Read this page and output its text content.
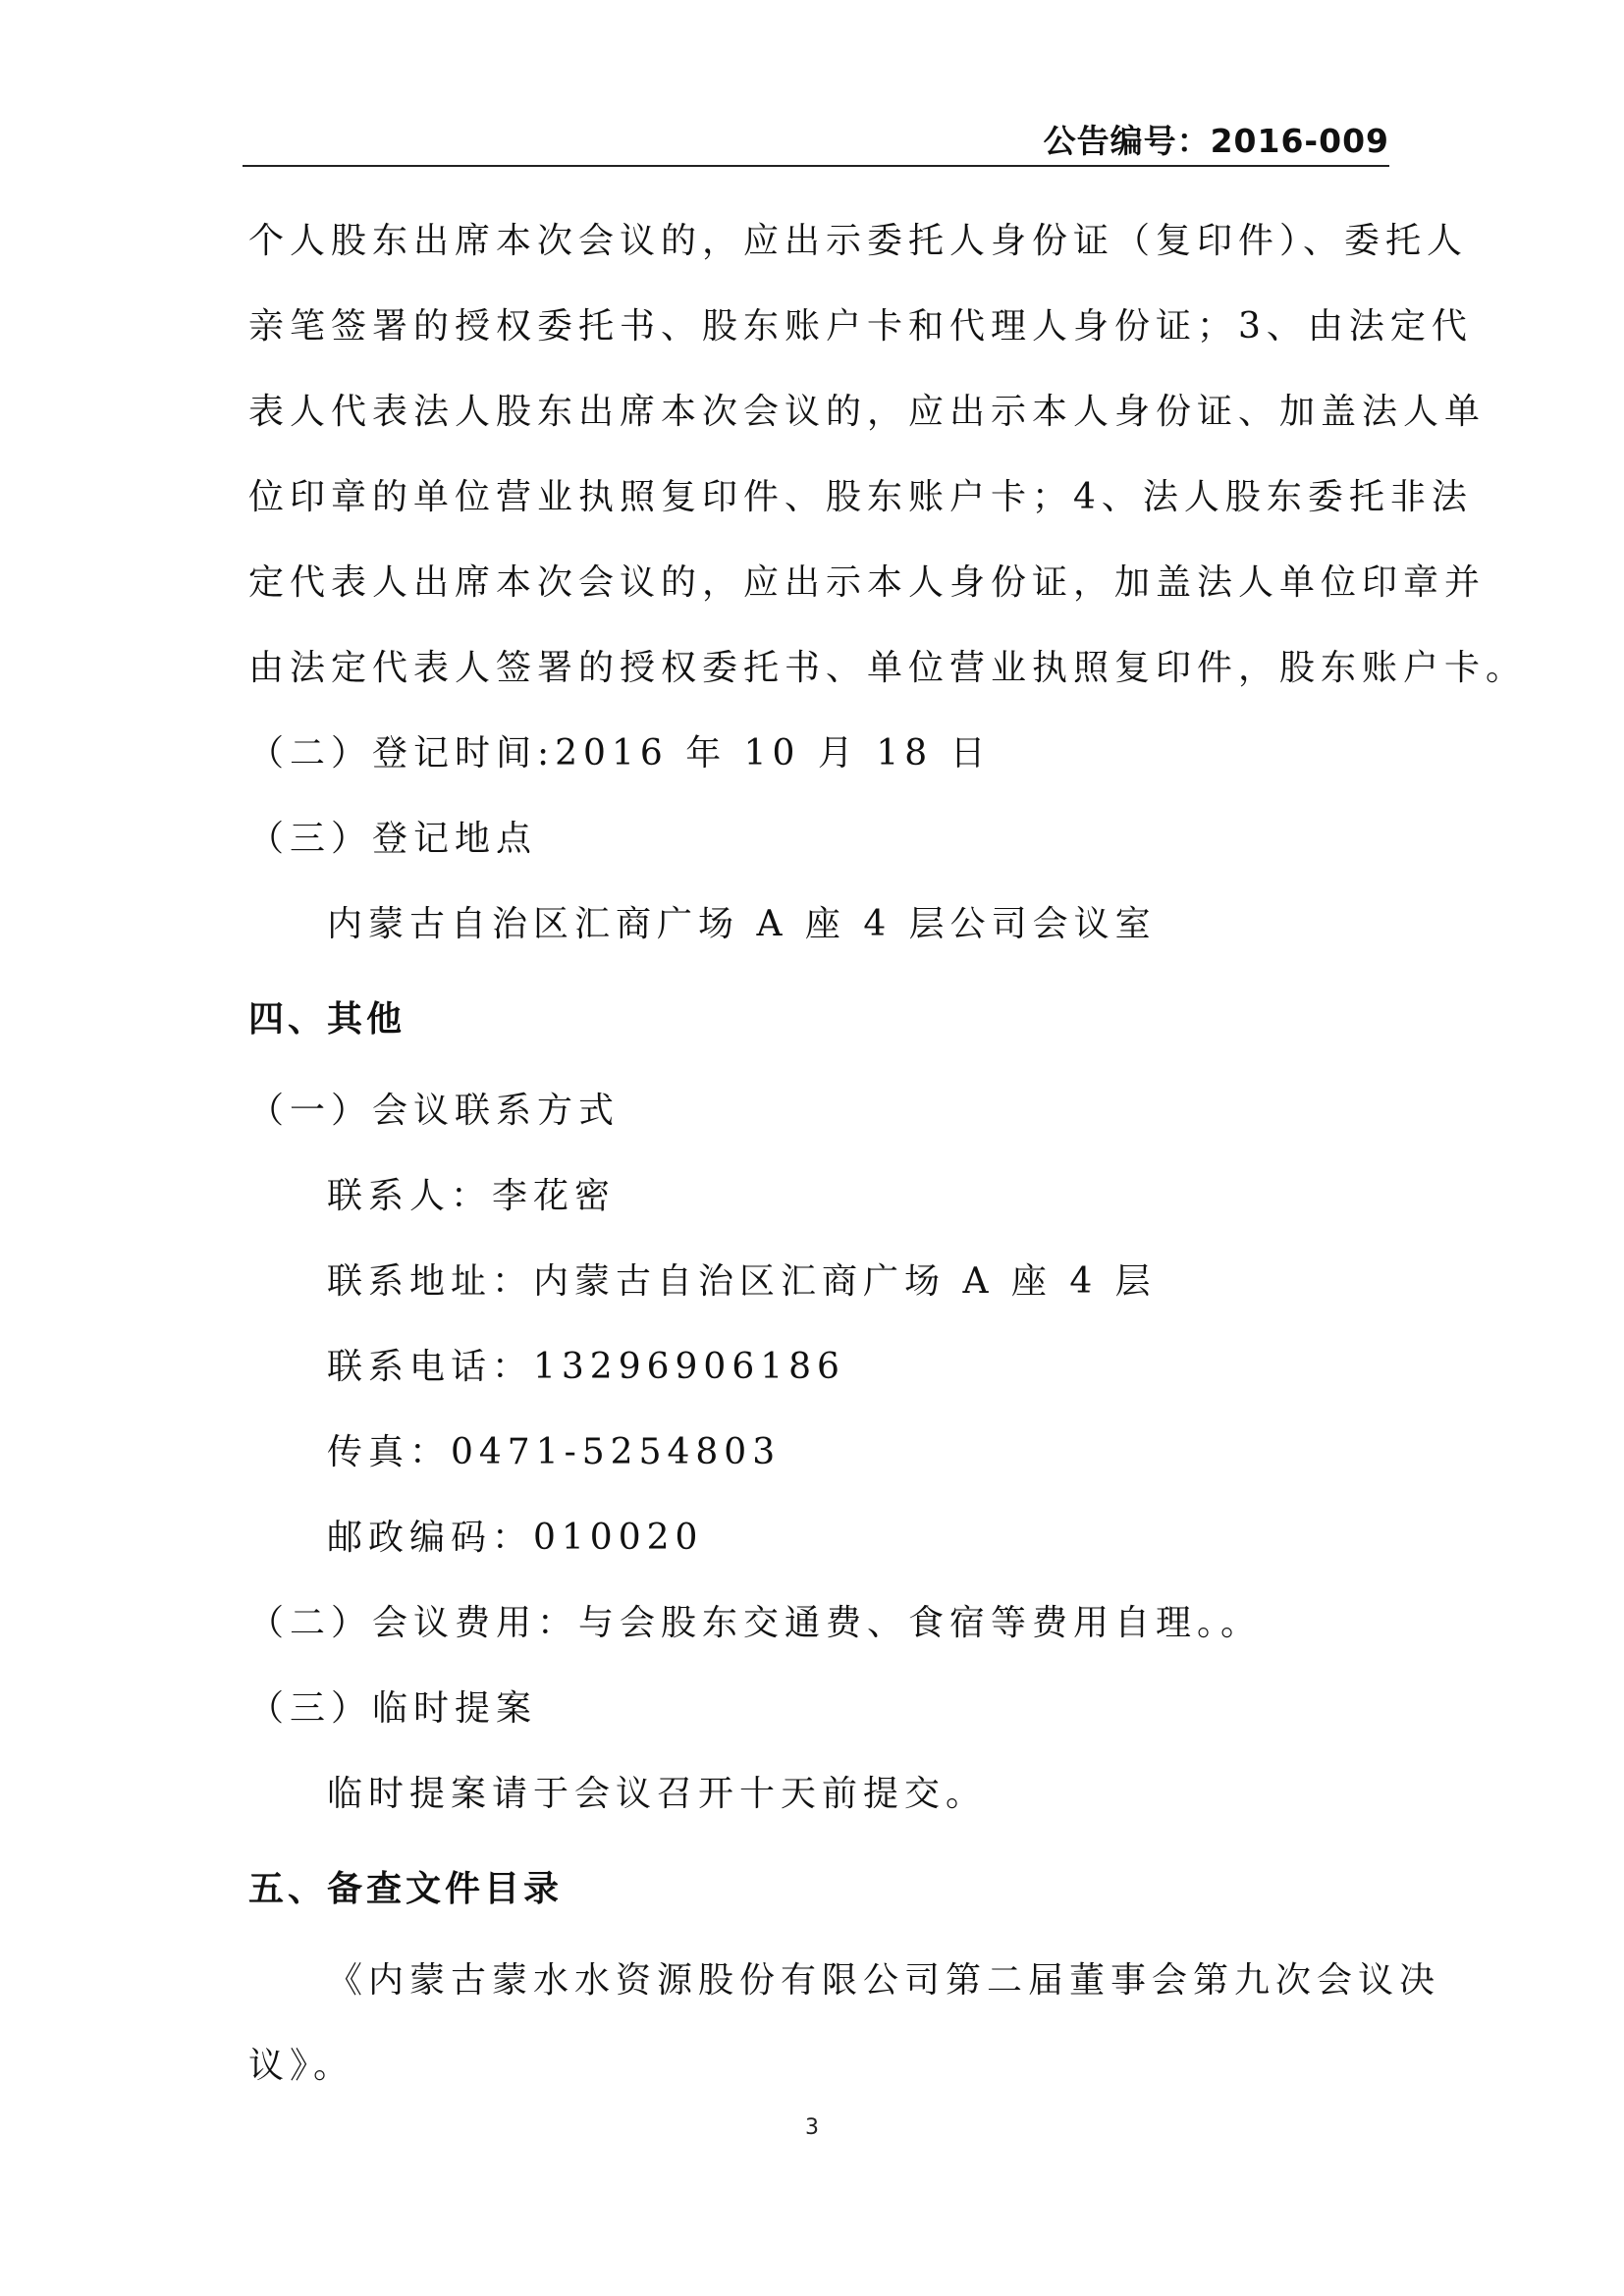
公告编号：2016-009
个人股东出席本次会议的，应出示委托人身份证（复印件）、委托人
亲笔签署的授权委托书、股东账户卡和代理人身份证；3、由法定代
表人代表法人股东出席本次会议的，应出示本人身份证、加盖法人单
位印章的单位营业执照复印件、股东账户卡；4、法人股东委托非法
定代表人出席本次会议的，应出示本人身份证，加盖法人单位印章并
由法定代表人签署的授权委托书、单位营业执照复印件，股东账户卡。
（二）登记时间:2016 年 10 月 18 日
（三）登记地点
内蒙古自治区汇商广场 A 座 4 层公司会议室
四、其他
（一）会议联系方式
联系人：李花密
联系地址：内蒙古自治区汇商广场 A 座 4 层
联系电话：13296906186
传真：0471-5254803
邮政编码：010020
（二）会议费用：与会股东交通费、食宿等费用自理。。
（三）临时提案
临时提案请于会议召开十天前提交。
五、备查文件目录
《内蒙古蒙水水资源股份有限公司第二届董事会第九次会议决
议》。
3
